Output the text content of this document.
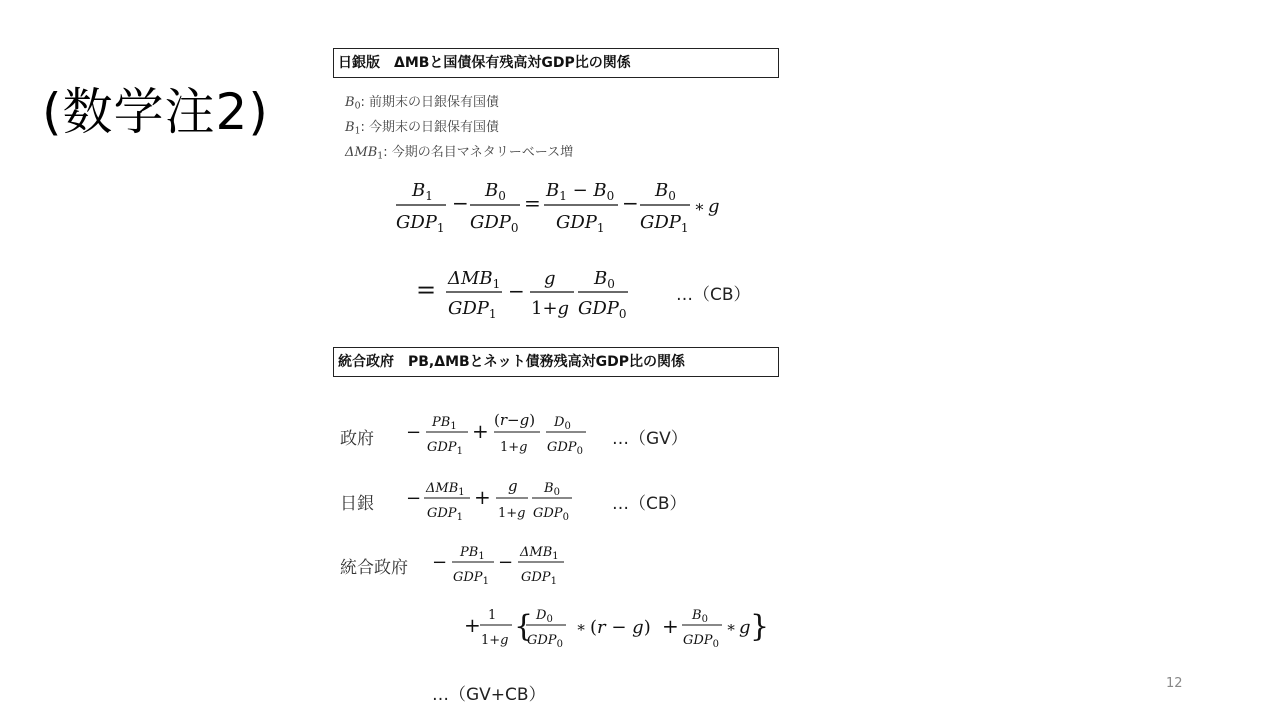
(数学注2)
日銀版　ΔMBと国債保有残高対GDP比の関係
$B_0$: 前期末の日銀保有国債
$B_1$: 今期末の日銀保有国債
$\Delta MB_1$: 今期の名目マネタリーベース増
$B_1$
$GDP_1$
−
$B_0$
$GDP_0$
=
$B_1 - B_0$
$GDP_1$
−
$B_0$
$GDP_1$
∗ g
= $\Delta MB_1$
$GDP_1$
−
g
1+g
$B_0$
$GDP_0$
…（CB）
統合政府　PB,ΔMBとネット債務残高対GDP比の関係
政府 − $PB_1$
$GDP_1$
+ (r−g)
1+g
$D_0$
$GDP_0$
…（GV）
日銀 − $\Delta MB_1$
$GDP_1$
+ g
1+g
$B_0$
$GDP_0$
…（CB）
統合政府 − $PB_1$
$GDP_1$
− $\Delta MB_1$
$GDP_1$
+ 1
1+g { $D_0$
$GDP_0$
∗ $(r - g) + B_0$
$GDP_0$
∗ g }
…（GV+CB）
12
